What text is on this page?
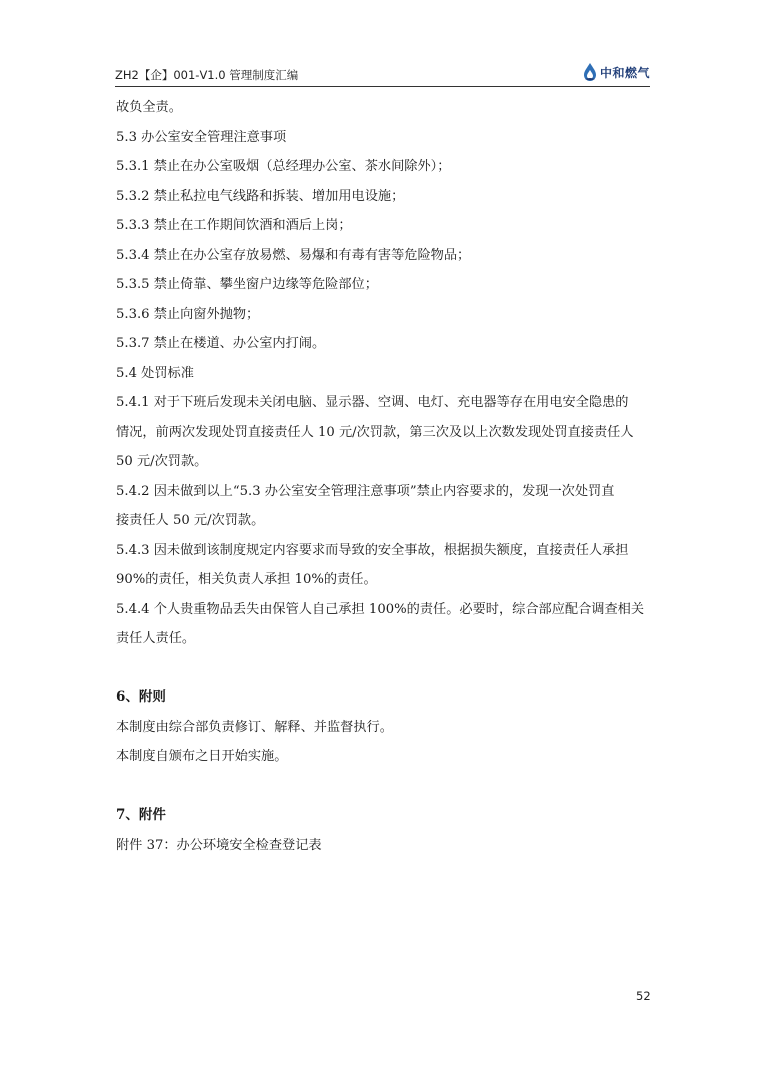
ZH2【企】001-V1.0 管理制度汇编	中和燃气

故负全责。

5.3 办公室安全管理注意事项

5.3.1 禁止在办公室吸烟（总经理办公室、茶水间除外）；

5.3.2 禁止私拉电气线路和拆装、增加用电设施；

5.3.3 禁止在工作期间饮酒和酒后上岗；

5.3.4 禁止在办公室存放易燃、易爆和有毒有害等危险物品；

5.3.5 禁止倚靠、攀坐窗户边缘等危险部位；

5.3.6 禁止向窗外抛物；

5.3.7 禁止在楼道、办公室内打闹。

5.4 处罚标准

5.4.1 对于下班后发现未关闭电脑、显示器、空调、电灯、充电器等存在用电安全隐患的

情况，前两次发现处罚直接责任人 10 元/次罚款，第三次及以上次数发现处罚直接责任人

50 元/次罚款。

5.4.2 因未做到以上“5.3 办公室安全管理注意事项”禁止内容要求的，发现一次处罚直

接责任人 50 元/次罚款。

5.4.3 因未做到该制度规定内容要求而导致的安全事故，根据损失额度，直接责任人承担

90%的责任，相关负责人承担 10%的责任。

5.4.4 个人贵重物品丢失由保管人自己承担 100%的责任。必要时，综合部应配合调查相关

责任人责任。

6、附则

本制度由综合部负责修订、解释、并监督执行。

本制度自颁布之日开始实施。

7、附件

附件 37：办公环境安全检查登记表

52
